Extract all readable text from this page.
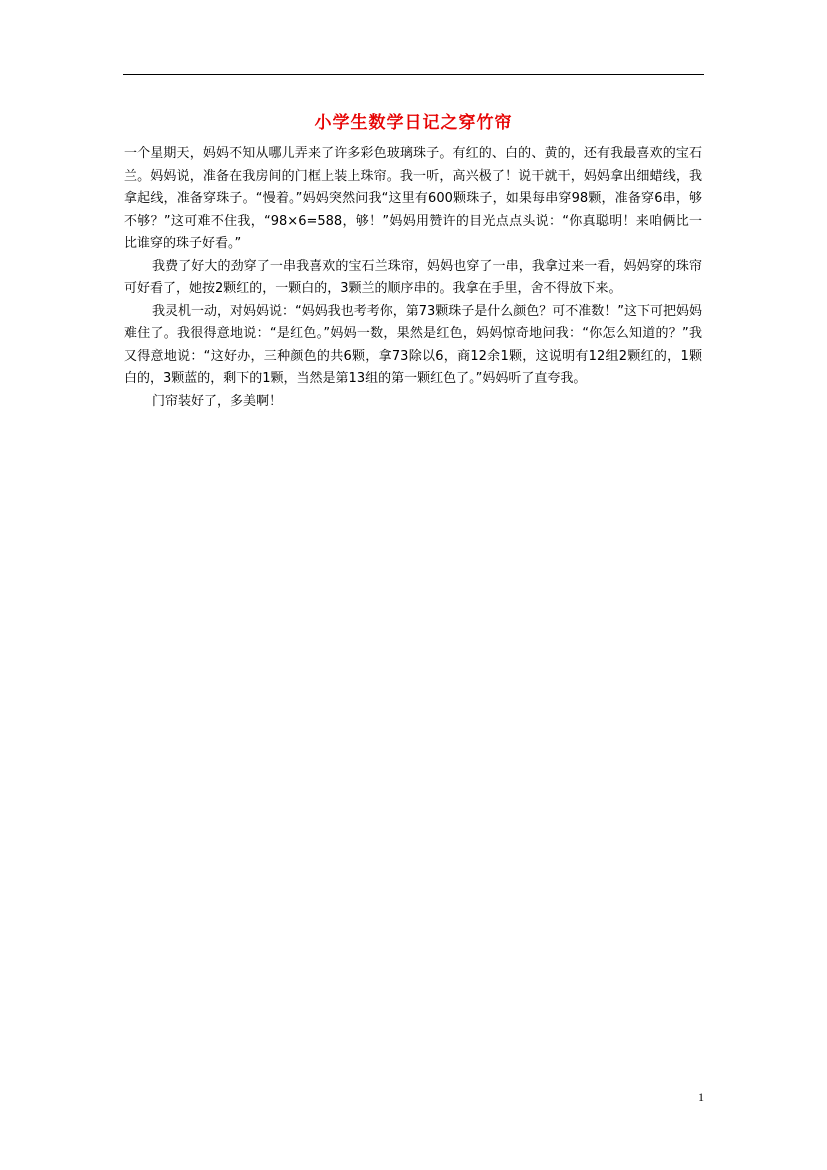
小学生数学日记之穿竹帘

一个星期天，妈妈不知从哪儿弄来了许多彩色玻璃珠子。有红的、白的、黄的，还有我最喜欢的宝石兰。妈妈说，准备在我房间的门框上装上珠帘。我一听，高兴极了！说干就干，妈妈拿出细蜡线，我拿起线，准备穿珠子。“慢着。”妈妈突然问我“这里有600颗珠子，如果每串穿98颗，准备穿6串，够不够？”这可难不住我，“98×6=588，够！”妈妈用赞许的目光点点头说：“你真聪明！来咱俩比一比谁穿的珠子好看。”

我费了好大的劲穿了一串我喜欢的宝石兰珠帘，妈妈也穿了一串，我拿过来一看，妈妈穿的珠帘可好看了，她按2颗红的，一颗白的，3颗兰的顺序串的。我拿在手里，舍不得放下来。

我灵机一动，对妈妈说：“妈妈我也考考你，第73颗珠子是什么颜色？可不准数！”这下可把妈妈难住了。我很得意地说：“是红色。”妈妈一数，果然是红色，妈妈惊奇地问我：“你怎么知道的？”我又得意地说：“这好办，三种颜色的共6颗，拿73除以6，商12余1颗，这说明有12组2颗红的，1颗白的，3颗蓝的，剩下的1颗，当然是第13组的第一颗红色了。”妈妈听了直夸我。

门帘装好了，多美啊！

1
